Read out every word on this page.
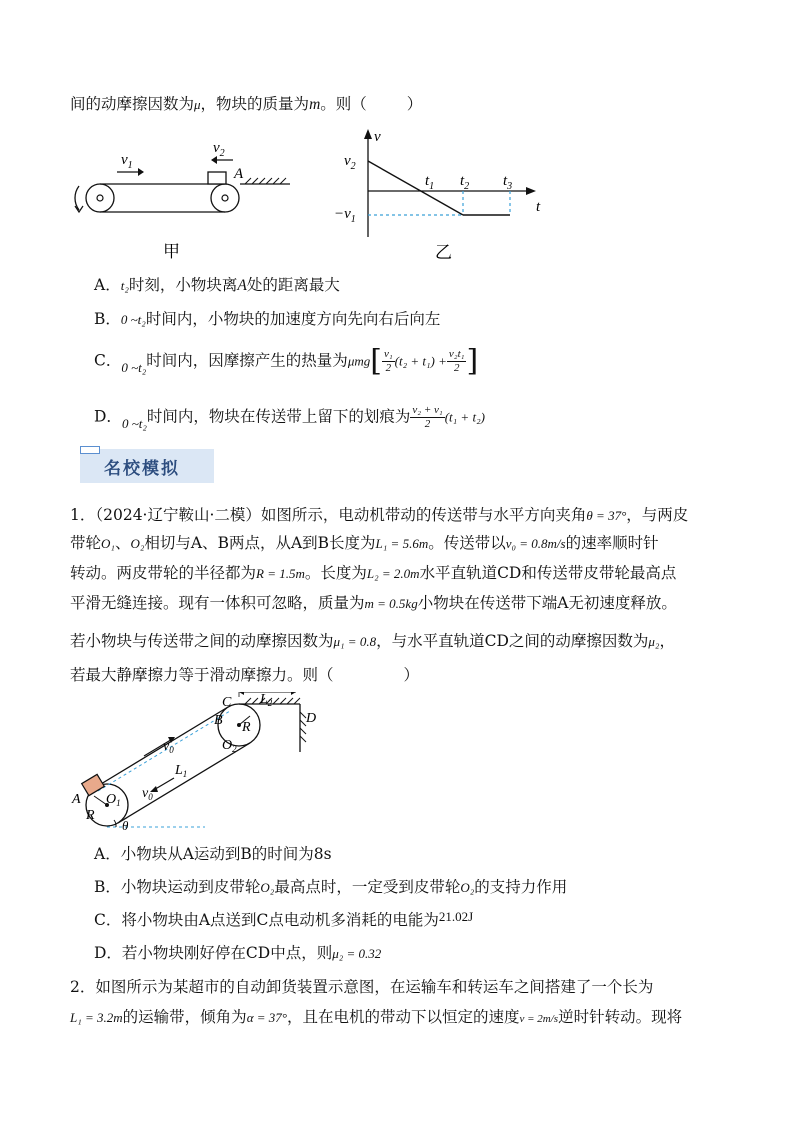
间的动摩擦因数为μ，物块的质量为m。则（	）
$v_1$
$v_2$
A
甲
v
t
$v_2$
$-v_1$
$t_1$ $t_2$ $t_3$
乙
A．t₂时刻，小物块离A处的距离最大
B．0 ~t₂时间内，小物块的加速度方向先向右后向左
C．$_{0 \sim t_2}$时间内，因摩擦产生的热量为$\mu mg[ \frac{\text{v₁}}{2} (t_2 + t_1) + \frac{\text{v₂t₁}}{2}$ ]
D．$_{0 \sim t_2}$时间内，物块在传送带上留下的划痕为 $\frac{\text{v₂ + v₁}}{2} (t_1 + t_2)$
名校模拟
1．（2024·辽宁鞍山·二模）如图所示，电动机带动的传送带与水平方向夹角θ = 37°，与两皮
带轮O₁、O₂相切与A、B两点，从A到B长度为L₁ = 5.6m。传送带以v₀ = 0.8m/s的速率顺时针
转动。两皮带轮的半径都为R = 1.5m。长度为L₂ = 2.0m水平直轨道CD和传送带皮带轮最高点
平滑无缝连接。现有一体积可忽略，质量为m = 0.5kg小物块在传送带下端A无初速度释放。
若小物块与传送带之间的动摩擦因数为μ₁ = 0.8，与水平直轨道CD之间的动摩擦因数为μ₂，
若最大静摩擦力等于滑动摩擦力。则（	）
C
B	D
R
$O_2$
$L_2$
$L_1$
$v_0$
$v_0$
A $O_1$
R
θ
A．小物块从A运动到B的时间为8s
B．小物块运动到皮带轮O₂最高点时，一定受到皮带轮O₂的支持力作用
C．将小物块由A点送到C点电动机多消耗的电能为$^{21.02J}$
D．若小物块刚好停在CD中点，则μ₂ = 0.32
2．如图所示为某超市的自动卸货装置示意图，在运输车和转运车之间搭建了一个长为
L₁ = 3.2m的运输带，倾角为α = 37°，且在电机的带动下以恒定的速度v = 2m/s逆时针转动。现将
